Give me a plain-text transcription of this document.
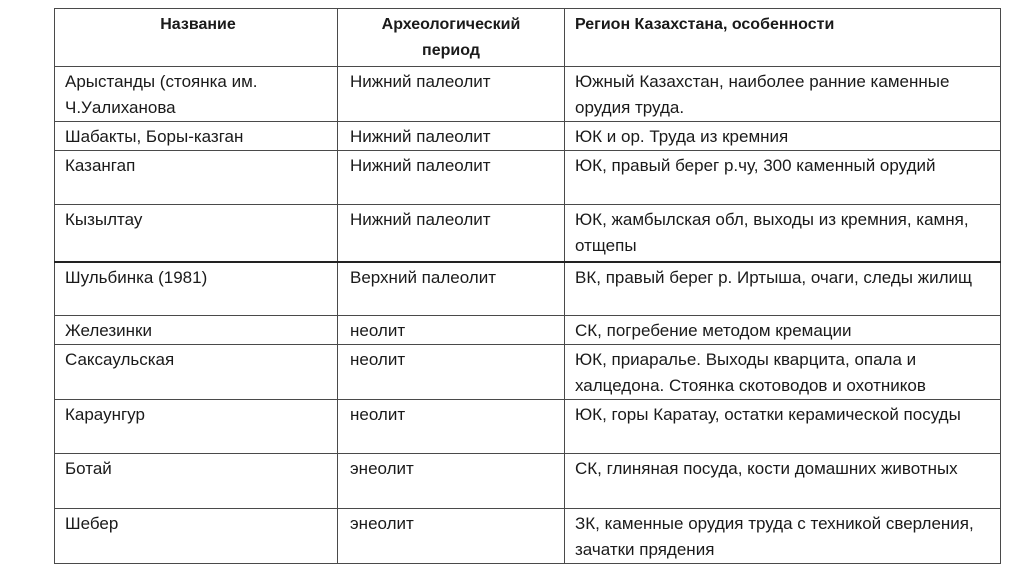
Название	Археологический период	Регион Казахстана, особенности
Арыстанды (стоянка им. Ч.Уалиханова	Нижний палеолит	Южный Казахстан, наиболее ранние каменные орудия труда.
Шабакты, Боры-казган	Нижний палеолит	ЮК и ор. Труда из кремния
Казангап	Нижний палеолит	ЮК, правый берег р.чу, 300 каменный орудий
Кызылтау	Нижний палеолит	ЮК, жамбылская обл, выходы из кремния, камня, отщепы
Шульбинка (1981)	Верхний палеолит	ВК, правый берег р. Иртыша, очаги, следы жилищ
Железинки	неолит	СК, погребение методом кремации
Саксаульская	неолит	ЮК, приаралье. Выходы кварцита, опала и халцедона. Стоянка скотоводов и охотников
Караунгур	неолит	ЮК, горы Каратау, остатки керамической посуды
Ботай	энеолит	СК, глиняная посуда, кости домашних животных
Шебер	энеолит	ЗК, каменные орудия труда с техникой сверления, зачатки прядения
